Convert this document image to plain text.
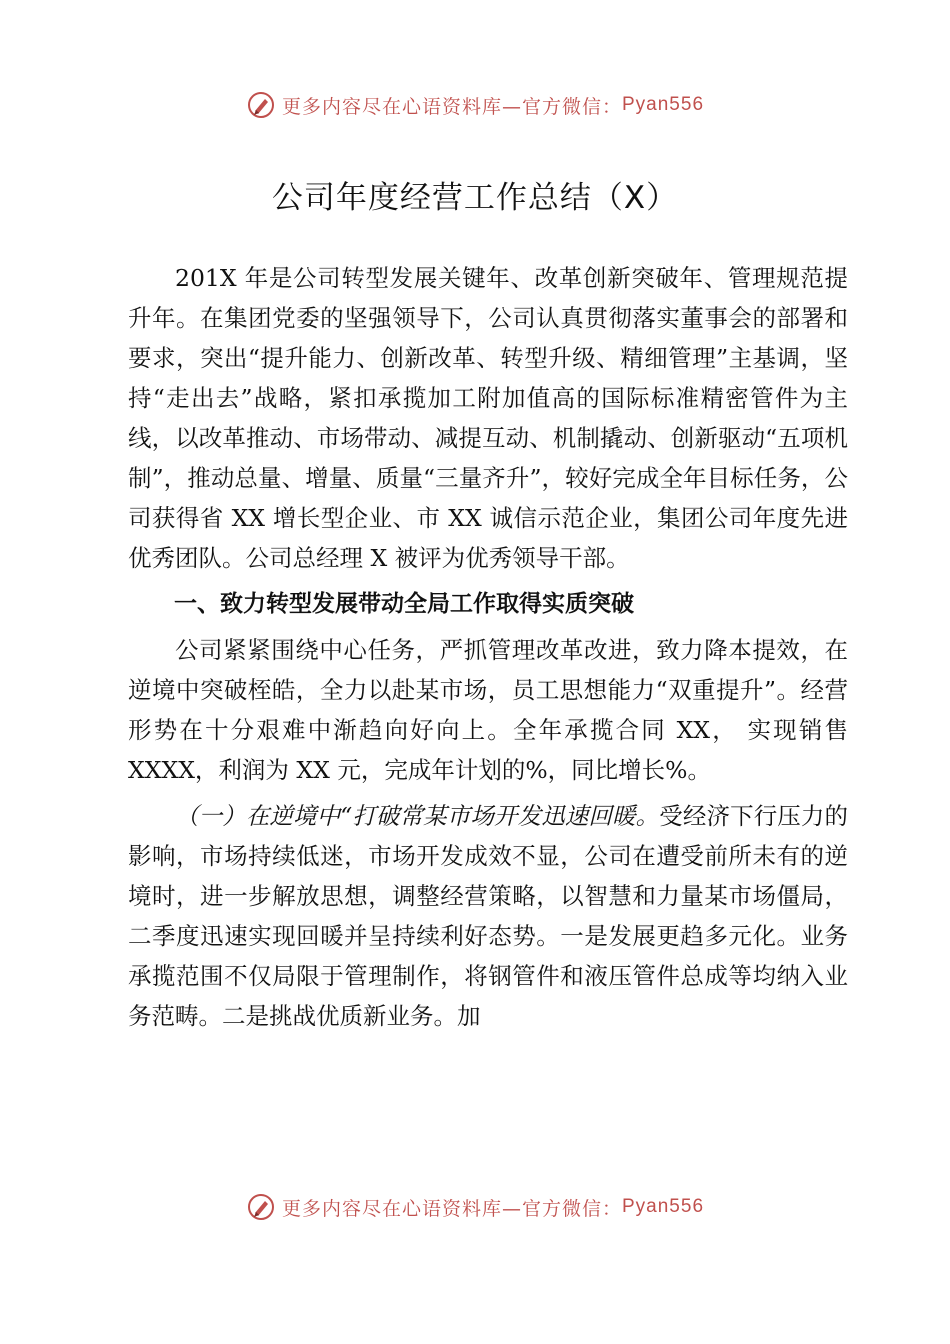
更多内容尽在心语资料库—官方微信： Pyan556
公司年度经营工作总结（X）

201X 年是公司转型发展关键年、改革创新突破年、管理规范提升年。在集团党委的坚强领导下，公司认真贯彻落实董事会的部署和要求，突出“提升能力、创新改革、转型升级、精细管理”主基调，坚持“走出去”战略，紧扣承揽加工附加值高的国际标准精密管件为主线，以改革推动、市场带动、减提互动、机制撬动、创新驱动“五项机制”，推动总量、增量、质量“三量齐升”，较好完成全年目标任务，公司获得省 XX 增长型企业、市 XX 诚信示范企业，集团公司年度先进优秀团队。公司总经理 X 被评为优秀领导干部。

一、致力转型发展带动全局工作取得实质突破

公司紧紧围绕中心任务，严抓管理改革改进，致力降本提效，在逆境中突破桎皓，全力以赴某市场，员工思想能力“双重提升”。经营形势在十分艰难中渐趋向好向上。全年承揽合同 XX， 实现销售 XXXX，利润为 XX 元，完成年计划的%，同比增长%。

（一）在逆境中“打破常某市场开发迅速回暖。受经济下行压力的影响，市场持续低迷，市场开发成效不显，公司在遭受前所未有的逆境时，进一步解放思想，调整经营策略，以智慧和力量某市场僵局，二季度迅速实现回暖并呈持续利好态势。一是发展更趋多元化。业务承揽范围不仅局限于管理制作，将钢管件和液压管件总成等均纳入业务范畴。二是挑战优质新业务。加

更多内容尽在心语资料库—官方微信： Pyan556
